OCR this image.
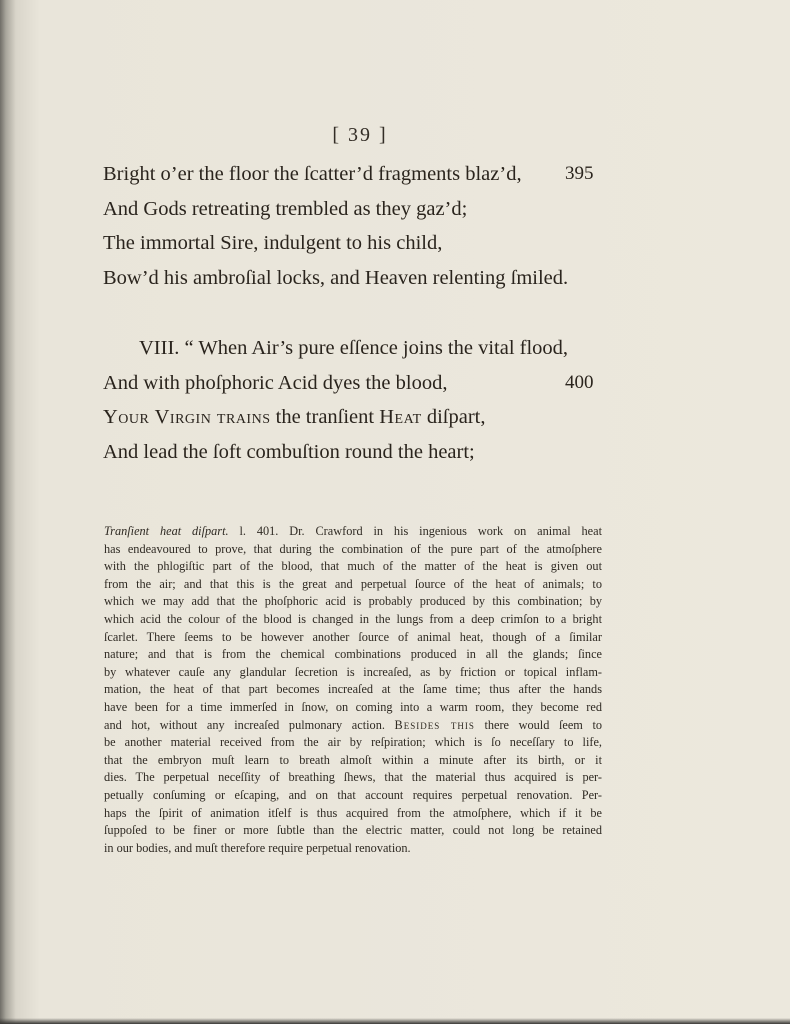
[ 39 ]
Bright o’er the floor the ſcatter’d fragments blaz’d, 395
And Gods retreating trembled as they gaz’d;
The immortal Sire, indulgent to his child,
Bow’d his ambroſial locks, and Heaven relenting ſmiled.
VIII. “ When Air’s pure eſſence joins the vital flood,
And with phoſphoric Acid dyes the blood,	400
Your Virgin trains the tranſient Heat diſpart,
And lead the ſoft combuſtion round the heart;
Tranſient heat diſpart. l. 401. Dr. Crawford in his ingenious work on animal heat
has endeavoured to prove, that during the combination of the pure part of the atmoſphere
with the phlogiſtic part of the blood, that much of the matter of the heat is given out
from the air; and that this is the great and perpetual ſource of the heat of animals; to
which we may add that the phoſphoric acid is probably produced by this combination; by
which acid the colour of the blood is changed in the lungs from a deep crimſon to a bright
ſcarlet. There ſeems to be however another ſource of animal heat, though of a ſimilar
nature; and that is from the chemical combinations produced in all the glands; ſince
by whatever cauſe any glandular ſecretion is increaſed, as by friction or topical inflam-
mation, the heat of that part becomes increaſed at the ſame time; thus after the hands
have been for a time immerſed in ſnow, on coming into a warm room, they become red
and hot, without any increaſed pulmonary action. Besides this there would ſeem to
be another material received from the air by reſpiration; which is ſo neceſſary to life,
that the embryon muſt learn to breath almoſt within a minute after its birth, or it
dies. The perpetual neceſſity of breathing ſhews, that the material thus acquired is per-
petually conſuming or eſcaping, and on that account requires perpetual renovation. Per-
haps the ſpirit of animation itſelf is thus acquired from the atmoſphere, which if it be
ſuppoſed to be finer or more ſubtle than the electric matter, could not long be retained
in our bodies, and muſt therefore require perpetual renovation.
